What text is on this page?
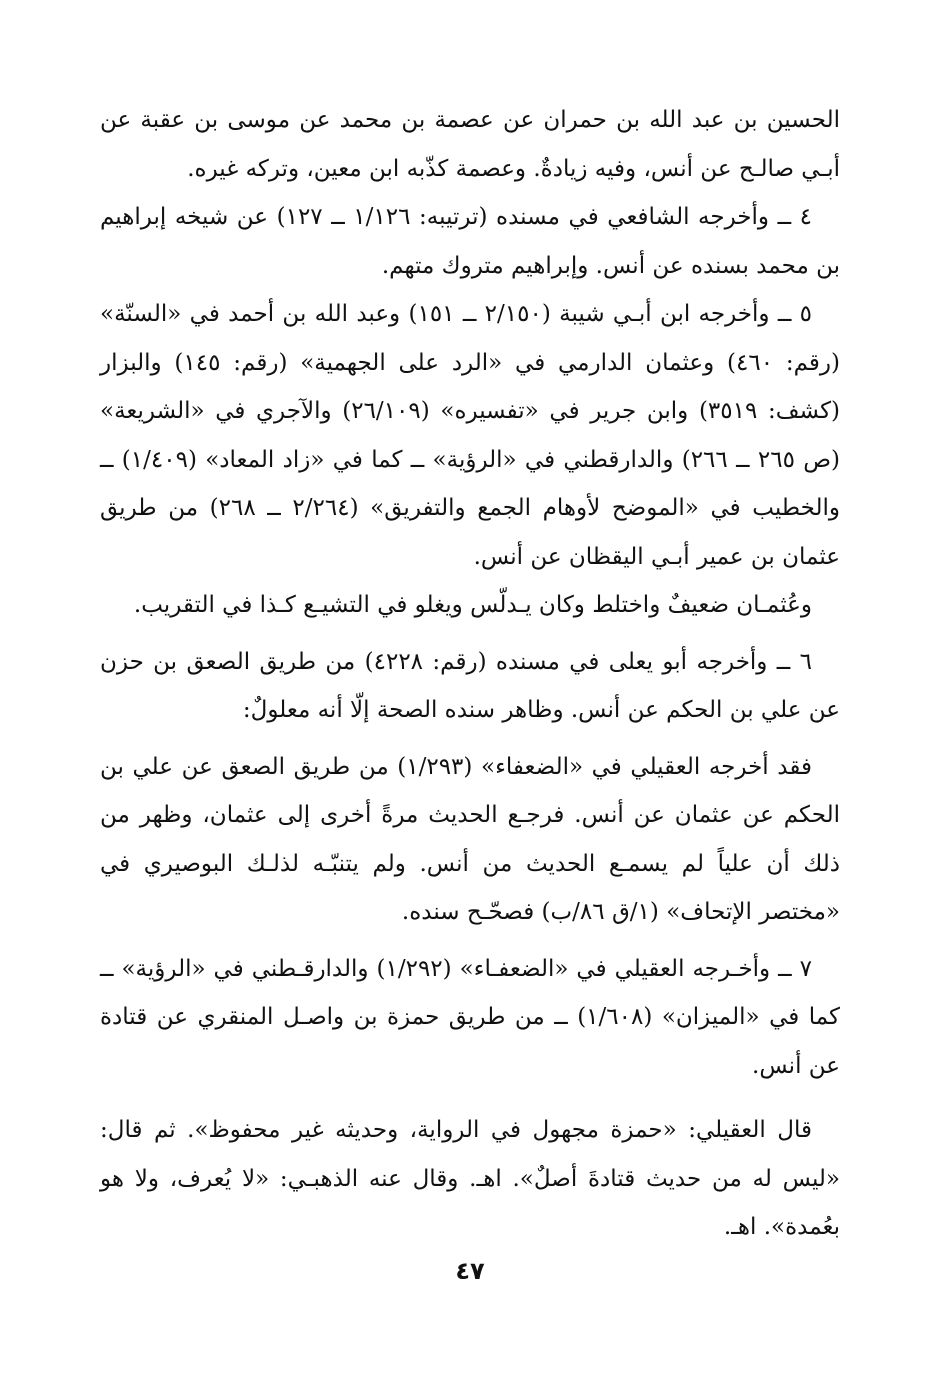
الحسين بن عبد الله بن حمران عن عصمة بن محمد عن موسى بن عقبة عن أبـي صالـح عن أنس، وفيه زيادةٌ. وعصمة كذّبه ابن معين، وتركه غيره.

٤ ــ وأخرجه الشافعي في مسنده (ترتيبه: ١/١٢٦ ــ ١٢٧) عن شيخه إبراهيم بن محمد بسنده عن أنس. وإبراهيم متروك متهم.

٥ ــ وأخرجه ابن أبـي شيبة (٢/١٥٠ ــ ١٥١) وعبد الله بن أحمد في «السنّة» (رقم: ٤٦٠) وعثمان الدارمي في «الرد على الجهمية» (رقم: ١٤٥) والبزار (كشف: ٣٥١٩) وابن جرير في «تفسيره» (٢٦/١٠٩) والآجري في «الشريعة» (ص ٢٦٥ ــ ٢٦٦) والدارقطني في «الرؤية» ــ كما في «زاد المعاد» (١/٤٠٩) ــ والخطيب في «الموضح لأوهام الجمع والتفريق» (٢/٢٦٤ ــ ٢٦٨) من طريق عثمان بن عمير أبـي اليقظان عن أنس.

وعُثمـان ضعيفٌ واختلط وكان يـدلّس ويغلو في التشيـع كـذا في التقريب.

٦ ــ وأخرجه أبو يعلى في مسنده (رقم: ٤٢٢٨) من طريق الصعق بن حزن عن علي بن الحكم عن أنس. وظاهر سنده الصحة إلّا أنه معلولٌ:

فقد أخرجه العقيلي في «الضعفاء» (١/٢٩٣) من طريق الصعق عن علي بن الحكم عن عثمان عن أنس. فرجـع الحديث مرةً أخرى إلى عثمان، وظهر من ذلك أن علياً لم يسمـع الحديث من أنس. ولم يتنبّـه لذلـك البوصيري في «مختصر الإتحاف» (١/ق ٨٦/ب) فصحّـح سنده.

٧ ــ وأخـرجه العقيلي في «الضعفـاء» (١/٢٩٢) والدارقـطني في «الرؤية» ــ كما في «الميزان» (١/٦٠٨) ــ من طريق حمزة بن واصـل المنقري عن قتادة عن أنس.

قال العقيلي: «حمزة مجهول في الرواية، وحديثه غير محفوظ». ثم قال: «ليس له من حديث قتادةَ أصلٌ». اهـ. وقال عنه الذهبـي: «لا يُعرف، ولا هو بعُمدة». اهـ.

٤٧
